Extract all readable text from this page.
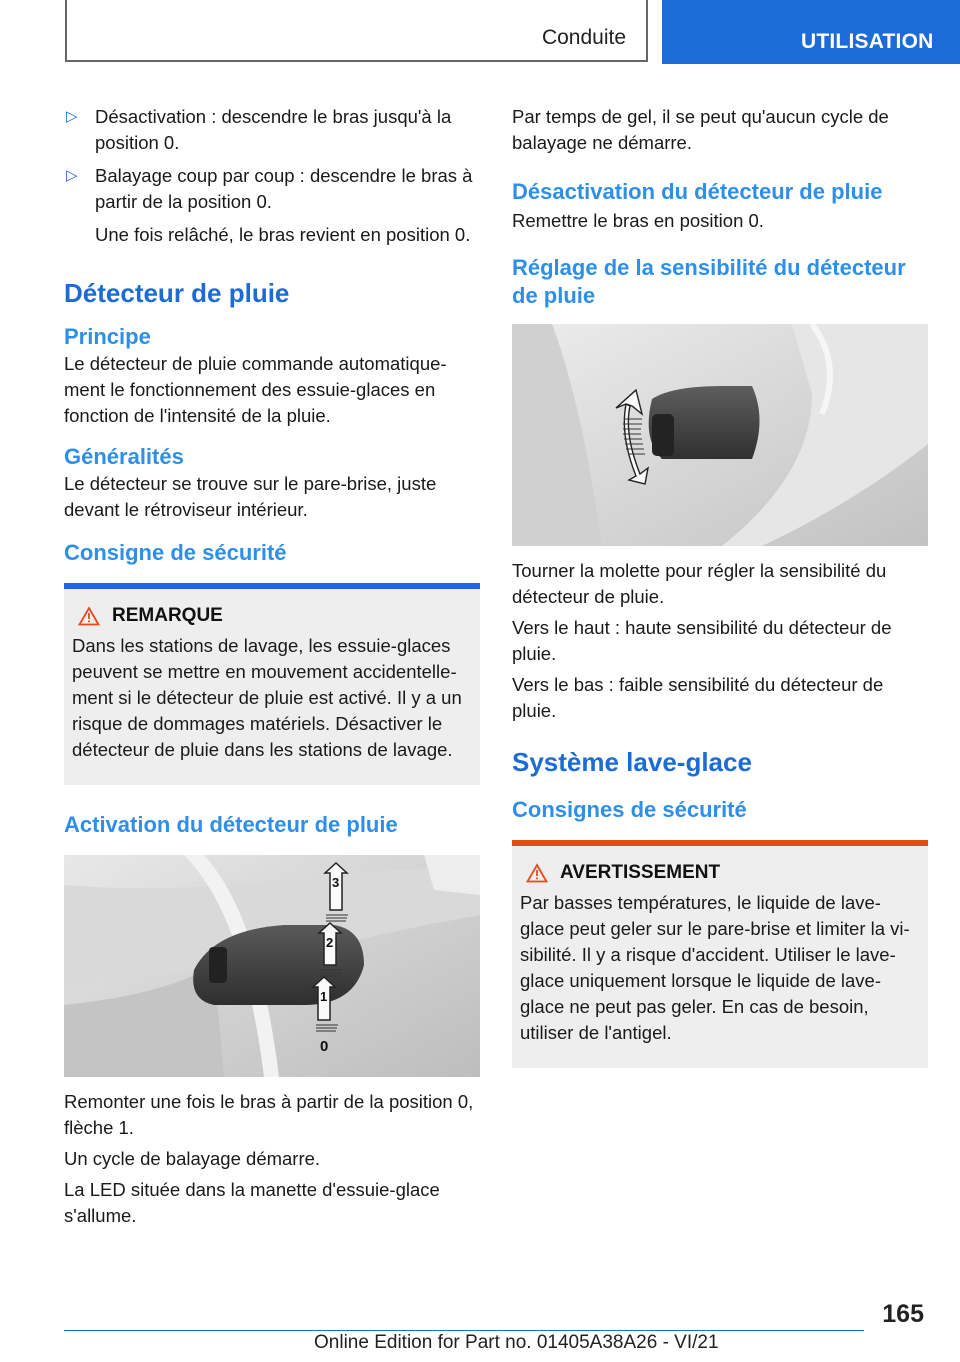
Conduite	UTILISATION

▷ Désactivation : descendre le bras jusqu'à la position 0.

▷ Balayage coup par coup : descendre le bras à partir de la position 0.

Une fois relâché, le bras revient en position 0.

Détecteur de pluie
Principe

Le détecteur de pluie commande automatiquement le fonctionnement des essuie-glaces en fonction de l'intensité de la pluie.

Généralités

Le détecteur se trouve sur le pare-brise, juste devant le rétroviseur intérieur.

Consigne de sécurité
REMARQUE

Dans les stations de lavage, les essuie-glaces peuvent se mettre en mouvement accidentellement si le détecteur de pluie est activé. Il y a un risque de dommages matériels. Désactiver le détecteur de pluie dans les stations de lavage.

Activation du détecteur de pluie
3
2
1
0

Remonter une fois le bras à partir de la position 0, flèche 1.

Un cycle de balayage démarre.

La LED située dans la manette d'essuie-glace s'allume.

Par temps de gel, il se peut qu'aucun cycle de balayage ne démarre.

Désactivation du détecteur de pluie

Remettre le bras en position 0.

Réglage de la sensibilité du détecteur de pluie

Tourner la molette pour régler la sensibilité du détecteur de pluie.

Vers le haut : haute sensibilité du détecteur de pluie.

Vers le bas : faible sensibilité du détecteur de pluie.

Système lave-glace
Consignes de sécurité
AVERTISSEMENT

Par basses températures, le liquide de laveglace peut geler sur le pare-brise et limiter la visibilité. Il y a risque d'accident. Utiliser le laveglace uniquement lorsque le liquide de laveglace ne peut pas geler. En cas de besoin, utiliser de l'antigel.

165
Online Edition for Part no. 01405A38A26 - VI/21
